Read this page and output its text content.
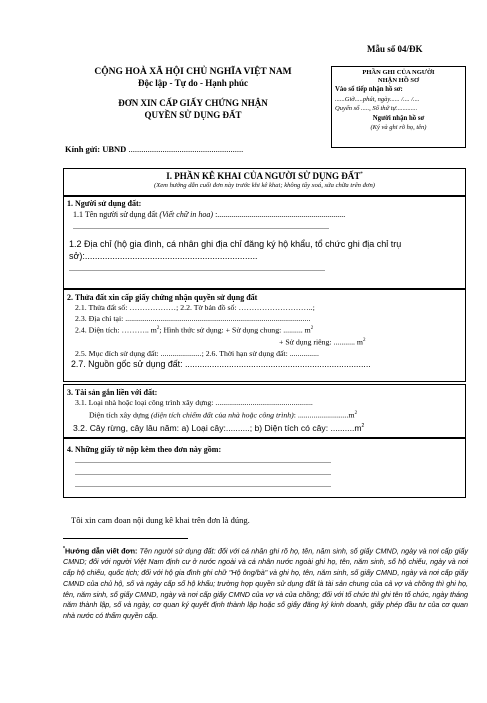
Mẫu số 04/ĐK
CỘNG HOÀ XÃ HỘI CHỦ NGHĨA VIỆT NAM
Độc lập - Tự do - Hạnh phúc
ĐƠN XIN CẤP GIẤY CHỨNG NHẬN
QUYỀN SỬ DỤNG ĐẤT
PHẦN GHI CỦA NGƯỜI
NHẬN HỒ SƠ
Vào sổ tiếp nhận hồ sơ:
......Giờ.....phút, ngày...... /.... /....
Quyển số ....., Số thứ tự.............
Người nhận hồ sơ
(Ký và ghi rõ họ, tên)
Kính gửi: UBND ......................................................
I. PHẦN KÊ KHAI CỦA NGƯỜI SỬ DỤNG ĐẤT*
(Xem hướng dẫn cuối đơn này trước khi kê khai; không tẩy xoá, sửa chữa trên đơn)
1. Người sử dụng đất:
1.1 Tên người sử dụng đất (Viết chữ in hoa) :................................................................
................................................................................................................................
1.2 Địa chỉ (hộ gia đình, cá nhân ghi địa chỉ đăng ký hộ khẩu, tổ chức ghi địa chỉ trụ sở):.....................................................................
................................................................................................................................
2. Thửa đất xin cấp giấy chứng nhận quyền sử dụng đất
2.1. Thửa đất số: ………………; 2.2. Tờ bản đồ số: ………………………..;
2.3. Địa chỉ tại: ...............................................................................................
2.4. Diện tích: ……….. $m^2$; Hình thức sử dụng: + Sử dụng chung: .......... $m^2$
+ Sử dụng riêng: ........... $m^2$
2.5. Mục đích sử dụng đất: .....................; 2.6. Thời hạn sử dụng đất: ...............
2.7. Nguồn gốc sử dụng đất: ............................................................................
3. Tài sản gắn liền với đất:
3.1. Loại nhà hoặc loại công trình xây dựng: ..................................................
Diện tích xây dựng (diện tích chiếm đất của nhà hoặc công trình): $..........................m^2$
3.2. Cây rừng, cây lâu năm: a) Loại cây:..........; b) Diện tích có cây: $..........m^2$
4. Những giấy tờ nộp kèm theo đơn này gồm:
................................................................................................................................
................................................................................................................................
................................................................................................................................
Tôi xin cam đoan nội dung kê khai trên đơn là đúng.
*Hướng dẫn viết đơn: Tên người sử dụng đất: đối với cá nhân ghi rõ họ, tên, năm sinh, số giấy CMND, ngày và nơi cấp giấy CMND; đối với người Việt Nam định cư ở nước ngoài và cá nhân nước ngoài ghi họ, tên, năm sinh, số hộ chiếu, ngày và nơi cấp hộ chiếu, quốc tịch; đối với hộ gia đình ghi chữ "Hộ ông/bà" và ghi họ, tên, năm sinh, số giấy CMND, ngày và nơi cấp giấy CMND của chủ hộ, số và ngày cấp sổ hộ khẩu; trường hợp quyền sử dụng đất là tài sản chung của cả vợ và chồng thì ghi họ, tên, năm sinh, số giấy CMND, ngày và nơi cấp giấy CMND của vợ và của chồng; đối với tổ chức thì ghi tên tổ chức, ngày tháng năm thành lập, số và ngày, cơ quan ký quyết định thành lập hoặc số giấy đăng ký kinh doanh, giấy phép đầu tư của cơ quan nhà nước có thẩm quyền cấp.
